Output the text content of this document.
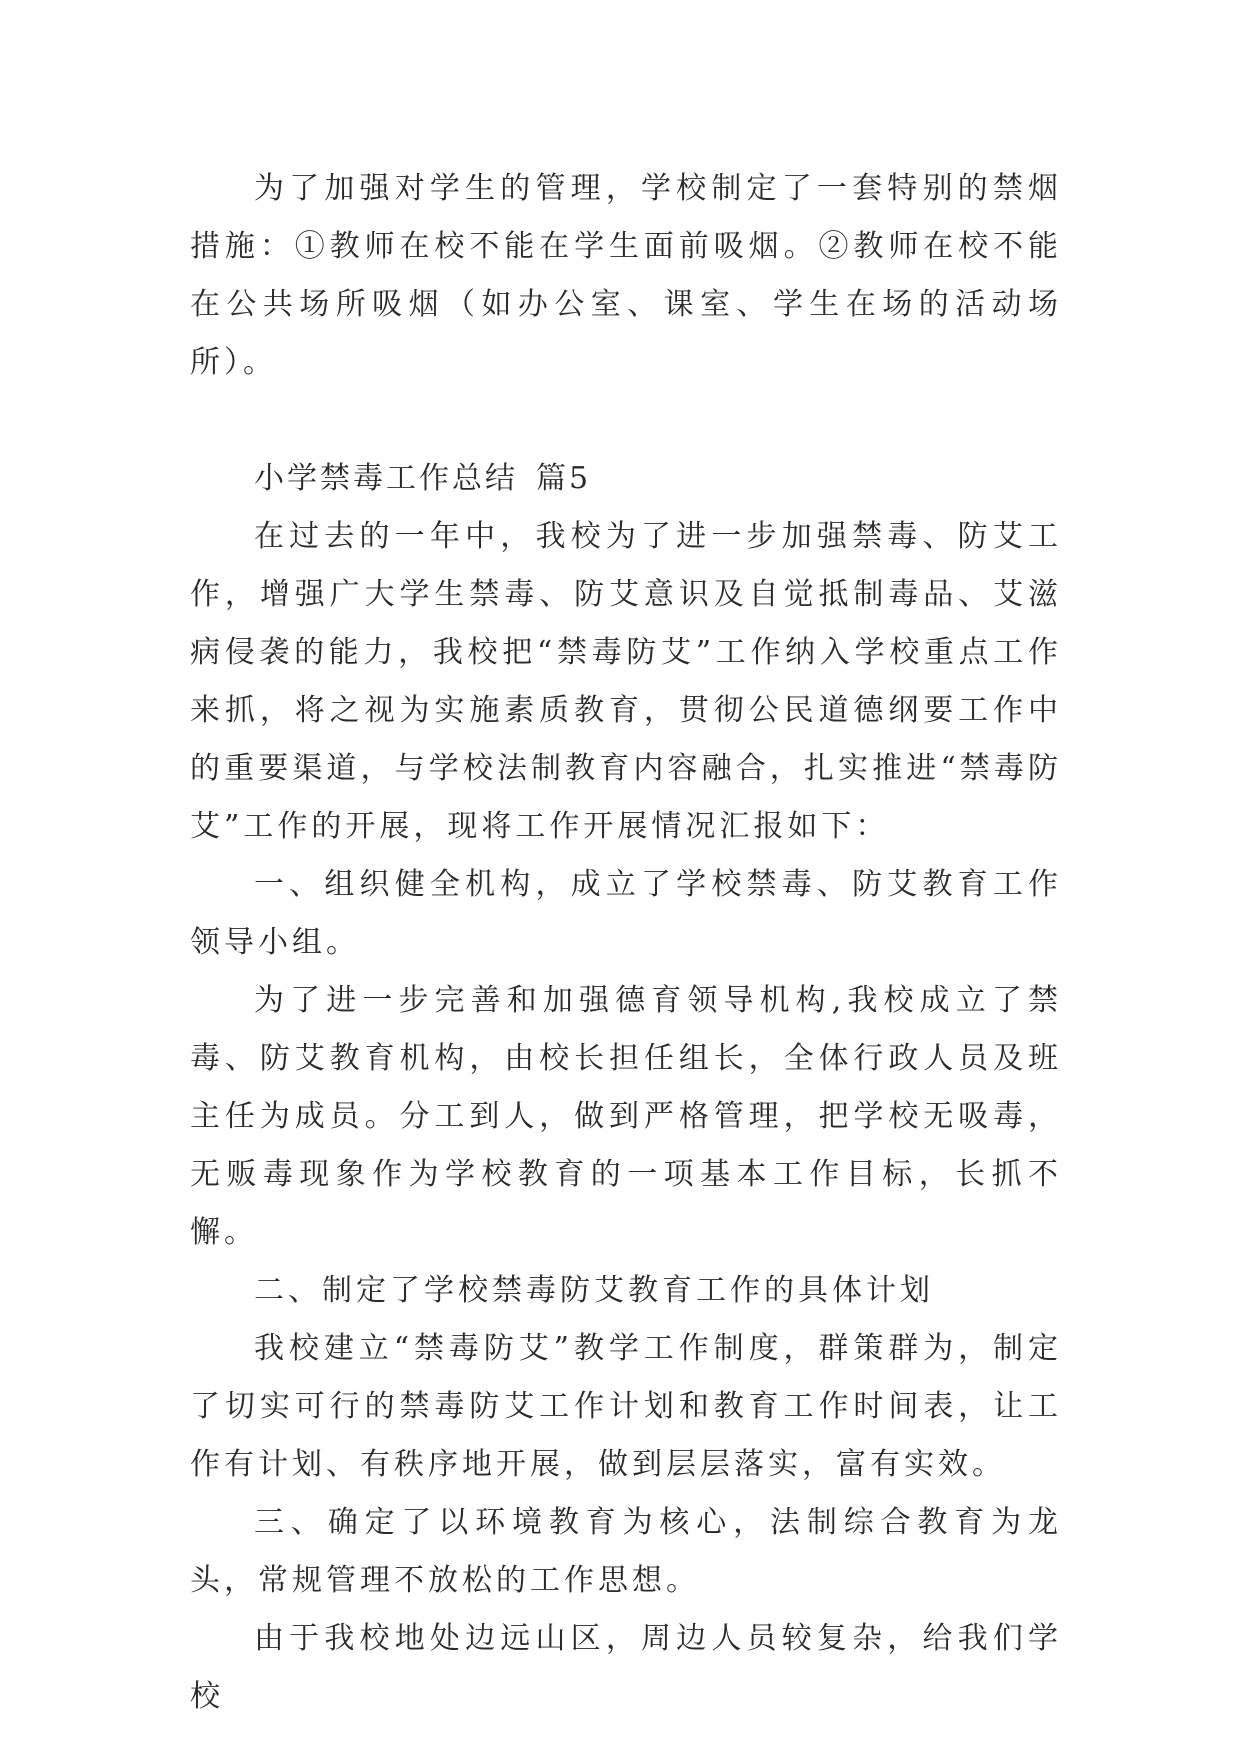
为了加强对学生的管理，学校制定了一套特别的禁烟措施：①教师在校不能在学生面前吸烟。②教师在校不能在公共场所吸烟（如办公室、课室、学生在场的活动场所）。

小学禁毒工作总结 篇5

在过去的一年中，我校为了进一步加强禁毒、防艾工作，增强广大学生禁毒、防艾意识及自觉抵制毒品、艾滋病侵袭的能力，我校把“禁毒防艾”工作纳入学校重点工作来抓，将之视为实施素质教育，贯彻公民道德纲要工作中的重要渠道，与学校法制教育内容融合，扎实推进“禁毒防艾”工作的开展，现将工作开展情况汇报如下：

一、组织健全机构，成立了学校禁毒、防艾教育工作领导小组。

为了进一步完善和加强德育领导机构,我校成立了禁毒、防艾教育机构，由校长担任组长，全体行政人员及班主任为成员。分工到人，做到严格管理，把学校无吸毒，无贩毒现象作为学校教育的一项基本工作目标，长抓不懈。

二、制定了学校禁毒防艾教育工作的具体计划

我校建立“禁毒防艾”教学工作制度，群策群为，制定了切实可行的禁毒防艾工作计划和教育工作时间表，让工作有计划、有秩序地开展，做到层层落实，富有实效。

三、确定了以环境教育为核心，法制综合教育为龙头，常规管理不放松的工作思想。

由于我校地处边远山区，周边人员较复杂，给我们学校
